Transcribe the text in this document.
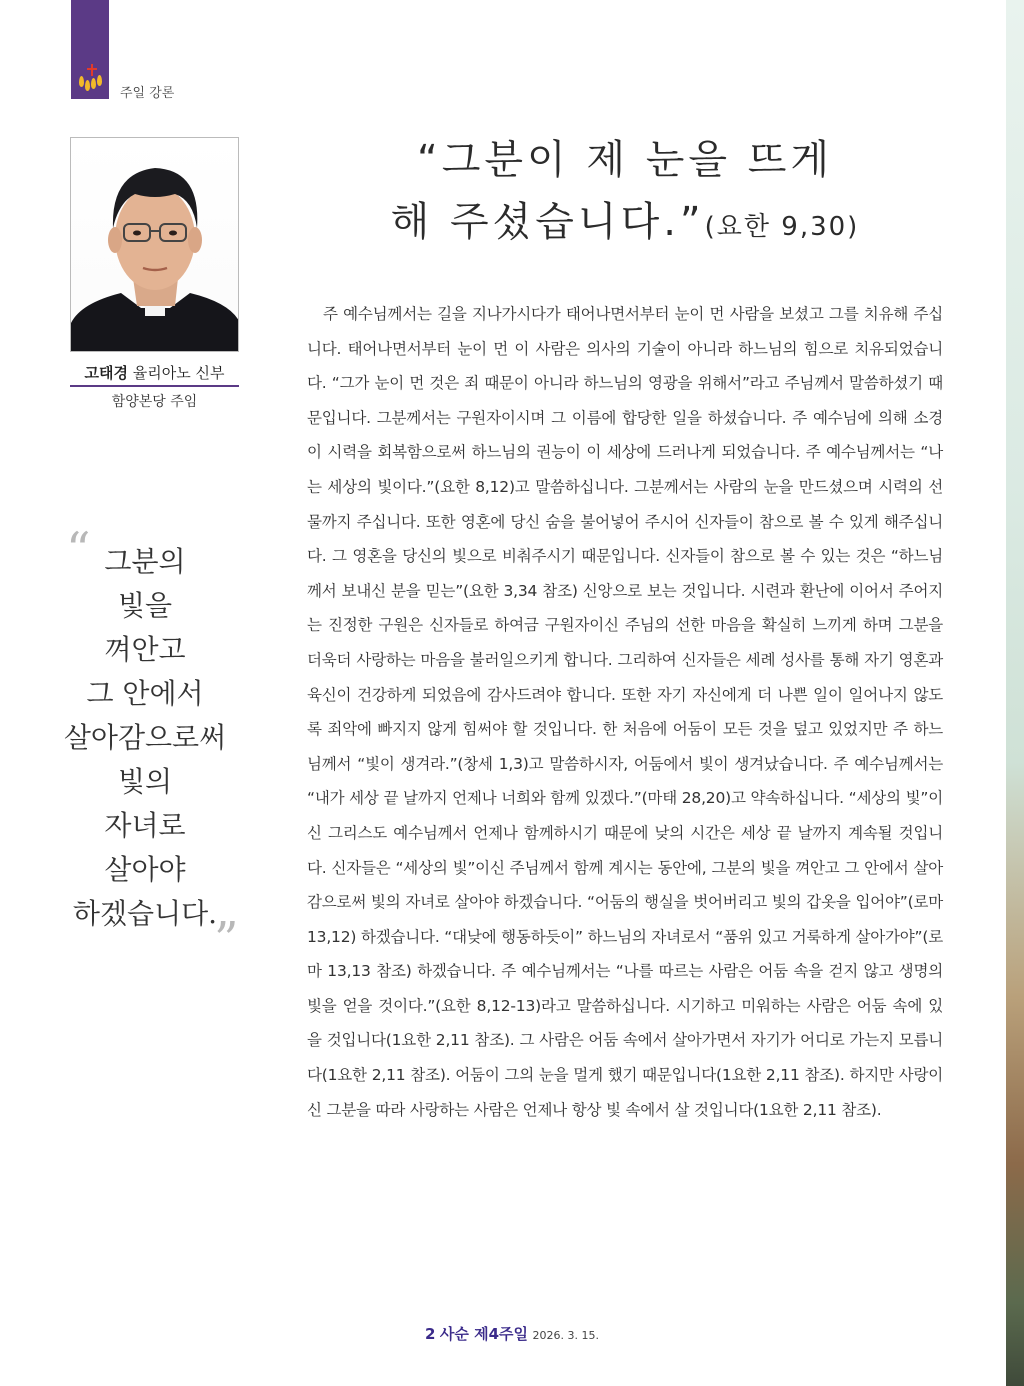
주일 강론
고태경 율리아노 신부
함양본당 주임
“ 그분의
빛을
껴안고
그 안에서
살아감으로써
빛의
자녀로
살아야
하겠습니다.
”
“그분이 제 눈을 뜨게
해 주셨습니다.”(요한 9,30)
주 예수님께서는 길을 지나가시다가 태어나면서부터 눈이 먼 사람을 보셨고 그를 치유해 주십니다. 태어나면서부터 눈이 먼 이 사람은 의사의 기술이 아니라 하느님의 힘으로 치유되었습니다. “그가 눈이 먼 것은 죄 때문이 아니라 하느님의 영광을 위해서”라고 주님께서 말씀하셨기 때문입니다. 그분께서는 구원자이시며 그 이름에 합당한 일을 하셨습니다. 주 예수님에 의해 소경이 시력을 회복함으로써 하느님의 권능이 이 세상에 드러나게 되었습니다. 주 예수님께서는 “나는 세상의 빛이다.”(요한 8,12)고 말씀하십니다. 그분께서는 사람의 눈을 만드셨으며 시력의 선물까지 주십니다. 또한 영혼에 당신 숨을 불어넣어 주시어 신자들이 참으로 볼 수 있게 해주십니다. 그 영혼을 당신의 빛으로 비춰주시기 때문입니다. 신자들이 참으로 볼 수 있는 것은 “하느님께서 보내신 분을 믿는”(요한 3,34 참조) 신앙으로 보는 것입니다. 시련과 환난에 이어서 주어지는 진정한 구원은 신자들로 하여금 구원자이신 주님의 선한 마음을 확실히 느끼게 하며 그분을 더욱더 사랑하는 마음을 불러일으키게 합니다. 그리하여 신자들은 세례 성사를 통해 자기 영혼과 육신이 건강하게 되었음에 감사드려야 합니다. 또한 자기 자신에게 더 나쁜 일이 일어나지 않도록 죄악에 빠지지 않게 힘써야 할 것입니다. 한 처음에 어둠이 모든 것을 덮고 있었지만 주 하느님께서 “빛이 생겨라.”(창세 1,3)고 말씀하시자, 어둠에서 빛이 생겨났습니다. 주 예수님께서는 “내가 세상 끝 날까지 언제나 너희와 함께 있겠다.”(마태 28,20)고 약속하십니다. “세상의 빛”이신 그리스도 예수님께서 언제나 함께하시기 때문에 낮의 시간은 세상 끝 날까지 계속될 것입니다. 신자들은 “세상의 빛”이신 주님께서 함께 계시는 동안에, 그분의 빛을 껴안고 그 안에서 살아감으로써 빛의 자녀로 살아야 하겠습니다. “어둠의 행실을 벗어버리고 빛의 갑옷을 입어야”(로마 13,12) 하겠습니다. “대낮에 행동하듯이” 하느님의 자녀로서 “품위 있고 거룩하게 살아가야”(로마 13,13 참조) 하겠습니다. 주 예수님께서는 “나를 따르는 사람은 어둠 속을 걷지 않고 생명의 빛을 얻을 것이다.”(요한 8,12-13)라고 말씀하십니다. 시기하고 미워하는 사람은 어둠 속에 있을 것입니다(1요한 2,11 참조). 그 사람은 어둠 속에서 살아가면서 자기가 어디로 가는지 모릅니다(1요한 2,11 참조). 어둠이 그의 눈을 멀게 했기 때문입니다(1요한 2,11 참조). 하지만 사랑이신 그분을 따라 사랑하는 사람은 언제나 항상 빛 속에서 살 것입니다(1요한 2,11 참조).
2 사순 제4주일 2026. 3. 15.
